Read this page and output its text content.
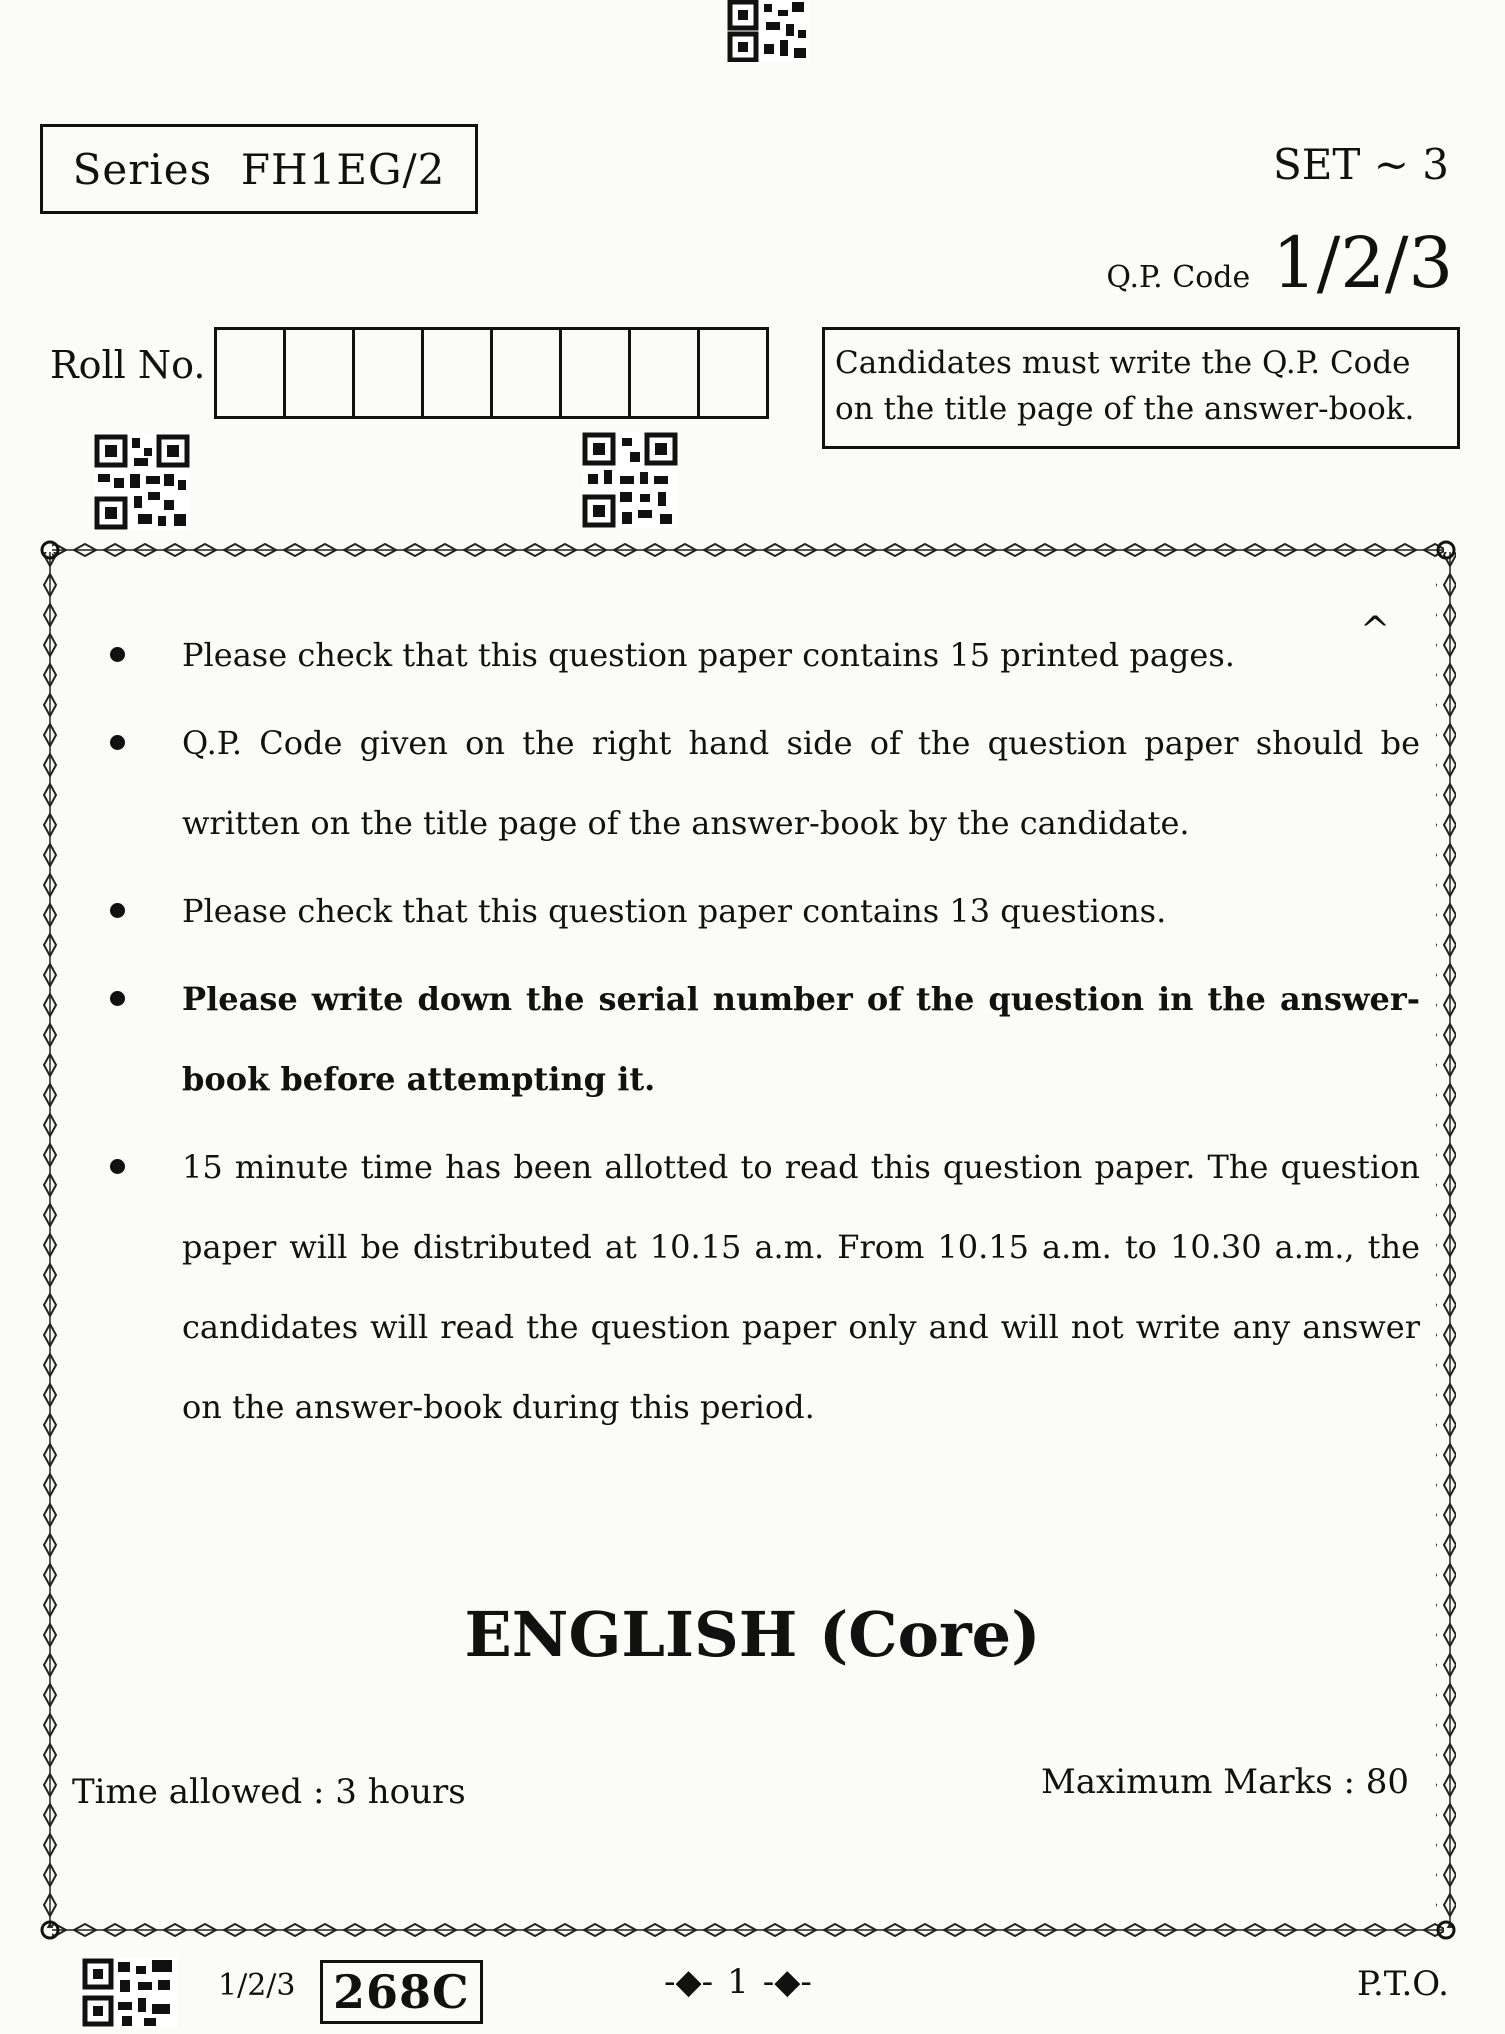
Series  FH1EG/2	SET ~ 3
Q.P. Code 1/2/3
Roll No.	Candidates must write the Q.P. Code
on the title page of the answer-book.
^
Please check that this question paper contains 15 printed pages.
Q.P. Code given on the right hand side of the question paper should be written on the title page of the answer-book by the candidate.
Please check that this question paper contains 13 questions.
Please write down the serial number of the question in the answer-book before attempting it.
15 minute time has been allotted to read this question paper. The question paper will be distributed at 10.15 a.m. From 10.15 a.m. to 10.30 a.m., the candidates will read the question paper only and will not write any answer on the answer-book during this period.
ENGLISH (Core)
Time allowed : 3 hours	Maximum Marks : 80
1/2/3 268C	-◆- 1 -◆-	P.T.O.
